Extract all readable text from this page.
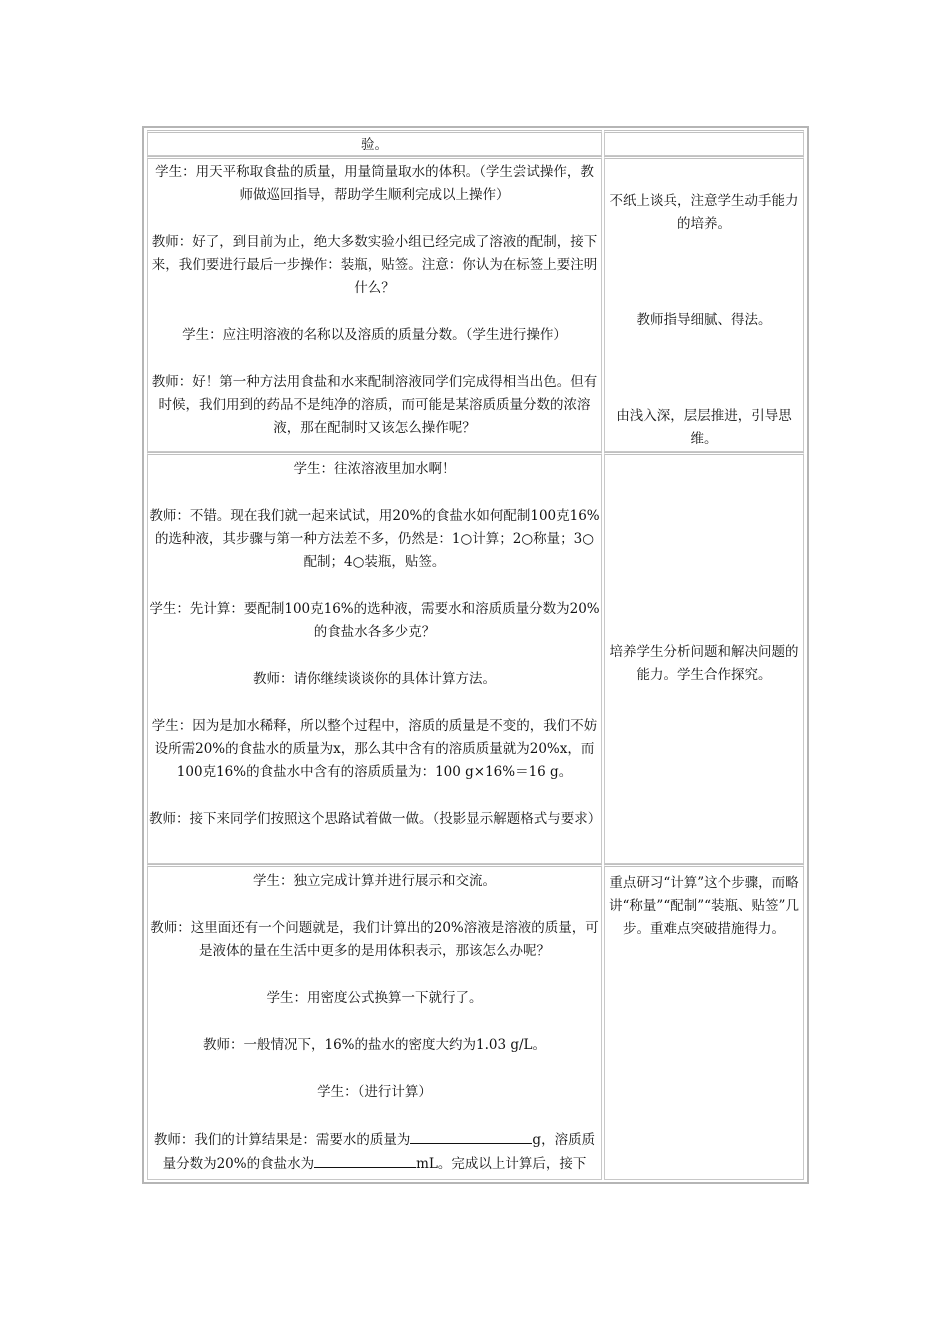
验。

学生：用天平称取食盐的质量，用量筒量取水的体积。（学生尝试操作，教师做巡回指导，帮助学生顺利完成以上操作）

教师：好了，到目前为止，绝大多数实验小组已经完成了溶液的配制，接下来，我们要进行最后一步操作：装瓶，贴签。注意：你认为在标签上要注明什么？

学生：应注明溶液的名称以及溶质的质量分数。（学生进行操作）

教师：好！第一种方法用食盐和水来配制溶液同学们完成得相当出色。但有时候，我们用到的药品不是纯净的溶质，而可能是某溶质质量分数的浓溶液，那在配制时又该怎么操作呢？

不纸上谈兵，注意学生动手能力的培养。
教师指导细腻、得法。
由浅入深，层层推进，引导思维。

学生：往浓溶液里加水啊！

教师：不错。现在我们就一起来试试，用20%的食盐水如何配制100克16%的选种液，其步骤与第一种方法差不多，仍然是：1○计算；2○称量；3○配制；4○装瓶，贴签。

学生：先计算：要配制100克16%的选种液，需要水和溶质质量分数为20%的食盐水各多少克？

教师：请你继续谈谈你的具体计算方法。

学生：因为是加水稀释，所以整个过程中，溶质的质量是不变的，我们不妨设所需20%的食盐水的质量为x，那么其中含有的溶质质量就为20%x，而100克16%的食盐水中含有的溶质质量为：100 g×16%＝16 g。

教师：接下来同学们按照这个思路试着做一做。（投影显示解题格式与要求）

培养学生分析问题和解决问题的能力。学生合作探究。

学生：独立完成计算并进行展示和交流。

教师：这里面还有一个问题就是，我们计算出的20%溶液是溶液的质量，可是液体的量在生活中更多的是用体积表示，那该怎么办呢？

学生：用密度公式换算一下就行了。

教师：一般情况下，16%的盐水的密度大约为1.03 g/L。

学生：（进行计算）

教师：我们的计算结果是：需要水的质量为	g，溶质质量分数为20%的食盐水为	mL。完成以上计算后，接下

重点研习“计算”这个步骤，而略讲“称量”“配制”“装瓶、贴签”几步。重难点突破措施得力。
